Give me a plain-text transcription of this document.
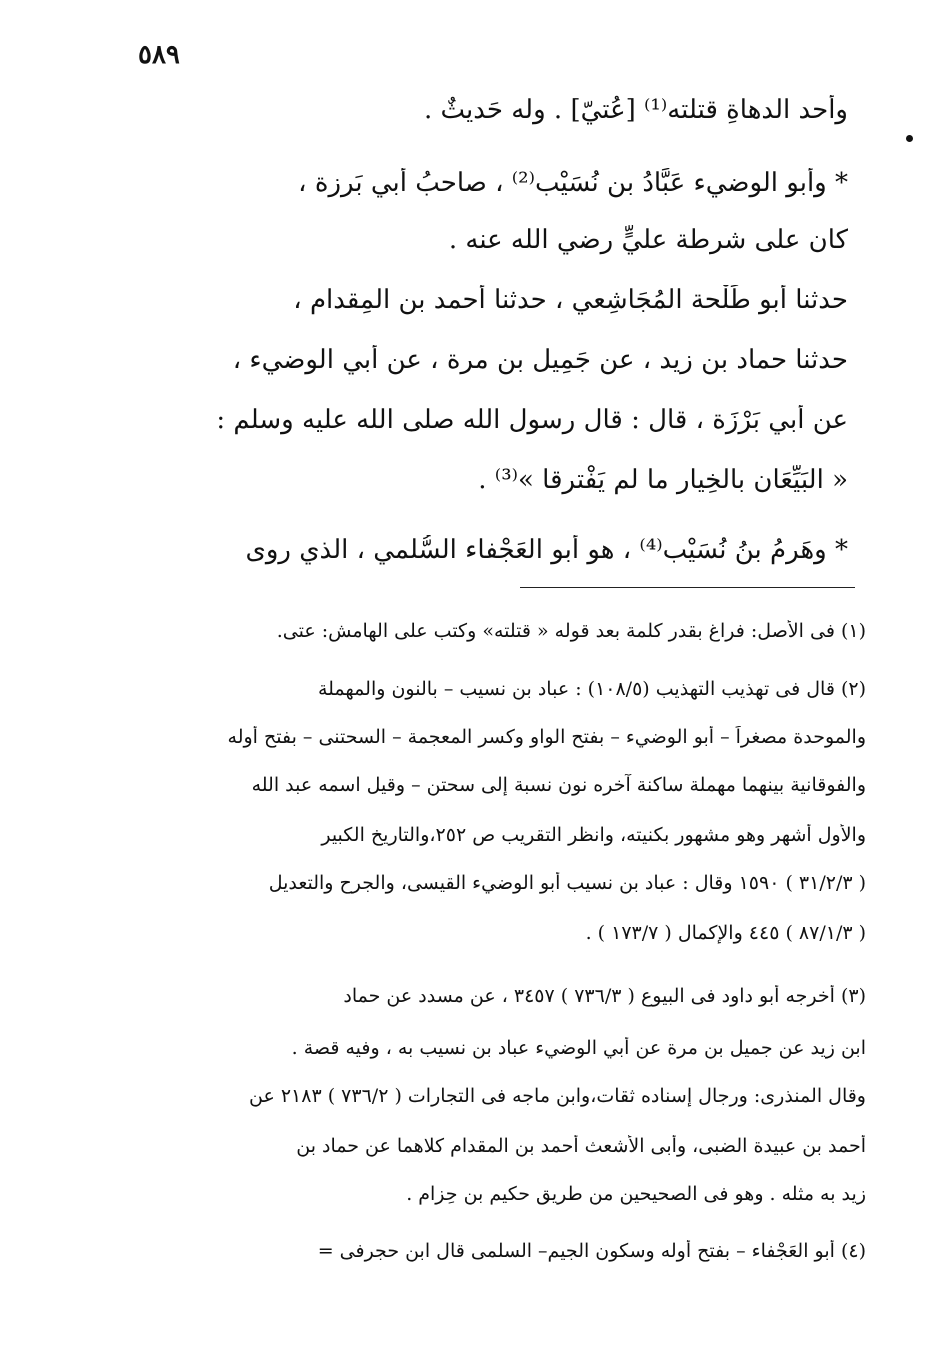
٥٨٩
وأحد الدهاةِ قتلته⁽¹⁾ [عُتيّ] . وله حَديثٌ .
* وأبو الوضيء عَبَّادُ بن نُسَيْب⁽²⁾ ، صاحبُ أَبي بَرزة ،
كان على شرطة عليٍّ رضي الله عنه .
حدثنا أبو طَلْحة المُجَاشِعي ، حدثنا أحمد بن المِقدام ،
حدثنا حماد بن زيد ، عن جَمِيل بن مرة ، عن أَبي الوضيء ،
عن أَبي بَرْزَة ، قال : قال رسول الله صلى الله عليه وسلم :
« البَيِّعَان بالخِيارِ ما لم يَفْترقا »⁽³⁾ .
* وهَرِمُ بنُ نُسَيْب⁽⁴⁾ ، هو أَبو العَجْفاء السُّلمي ، الذي روى
(١) فى الأصل: فراغ بقدر كلمة بعد قوله « قتلته» وكتب على الهامش: عتى.
(٢) قال فى تهذيب التهذيب (١٠٨/٥) : عباد بن نسيب – بالنون والمهملة
والموحدة مصغراً – أبو الوضيء – بفتح الواو وكسر المعجمة – السحتنى – بفتح أوله
والفوقانية بينهما مهملة ساكنة آخره نون نسبة إلى سحتن – وقيل اسمه عبد الله
والأول أشهر وهو مشهور بكنيته، وانظر التقريب ص ٢٥٢،والتاريخ الكبير
( ٣١/٢/٣ ) ١٥٩٠ وقال : عباد بن نسيب أبو الوضيء القيسى، والجرح والتعديل
( ٨٧/١/٣ ) ٤٤٥ والإكمال ( ١٧٣/٧ ) .
(٣) أخرجه أبو داود فى البيوع ( ٧٣٦/٣ ) ٣٤٥٧ ، عن مسدد عن حماد
ابن زيد عن جميل بن مرة عن أبي الوضيء عباد بن نسيب به ، وفيه قصة .
وقال المنذرى: ورجال إسناده ثقات،وابن ماجه فى التجارات ( ٧٣٦/٢ ) ٢١٨٣ عن
أحمد بن عبيدة الضبى، وأبى الأشعث أحمد بن المقدام كلاهما عن حماد بن
زيد به مثله . وهو فى الصحيحين من طريق حكيم بن حِزام .
(٤) أبو العَجْفاء – بفتح أوله وسكون الجيم– السلمى قال ابن حجرفى =
